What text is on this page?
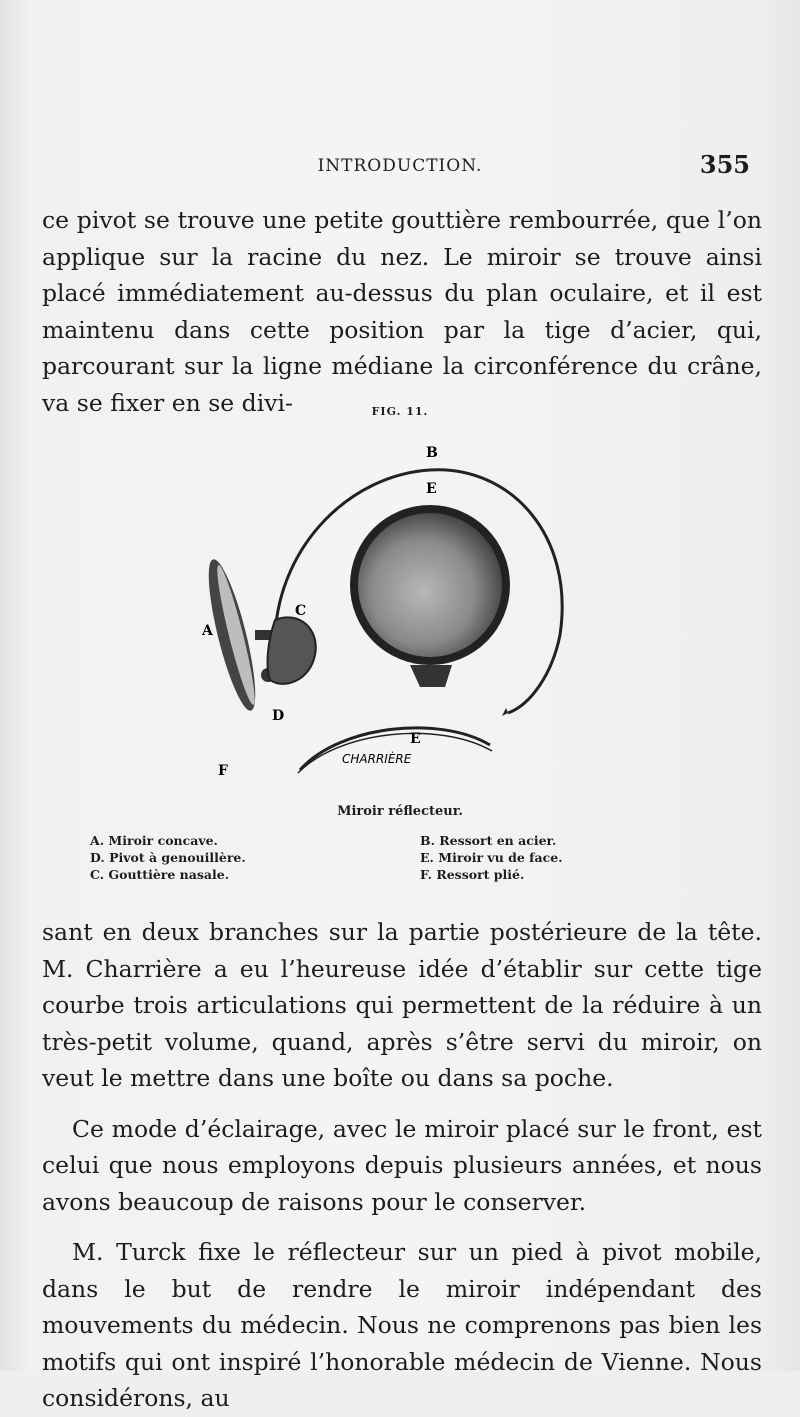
INTRODUCTION.	355

ce pivot se trouve une petite gouttière rembourrée, que l’on applique sur la racine du nez. Le miroir se trouve ainsi placé immédiatement au-dessus du plan oculaire, et il est maintenu dans cette position par la tige d’acier, qui, parcourant sur la ligne médiane la circonférence du crâne, va se fixer en se divi-	FIG. 11.
B
E
A
C
D
E
F
CHARRIÈRE
Miroir réflecteur.
A. Miroir concave.
D. Pivot à genouillère.
C. Gouttière nasale.
B. Ressort en acier.
E. Miroir vu de face.
F. Ressort plié.

sant en deux branches sur la partie postérieure de la tête. M. Charrière a eu l’heureuse idée d’établir sur cette tige courbe trois articulations qui permettent de la réduire à un très-petit volume, quand, après s’être servi du miroir, on veut le mettre dans une boîte ou dans sa poche.

Ce mode d’éclairage, avec le miroir placé sur le front, est celui que nous employons depuis plusieurs années, et nous avons beaucoup de raisons pour le conserver.

M. Turck fixe le réflecteur sur un pied à pivot mobile, dans le but de rendre le miroir indépendant des mouvements du médecin. Nous ne comprenons pas bien les motifs qui ont inspiré l’honorable médecin de Vienne. Nous considérons, au
